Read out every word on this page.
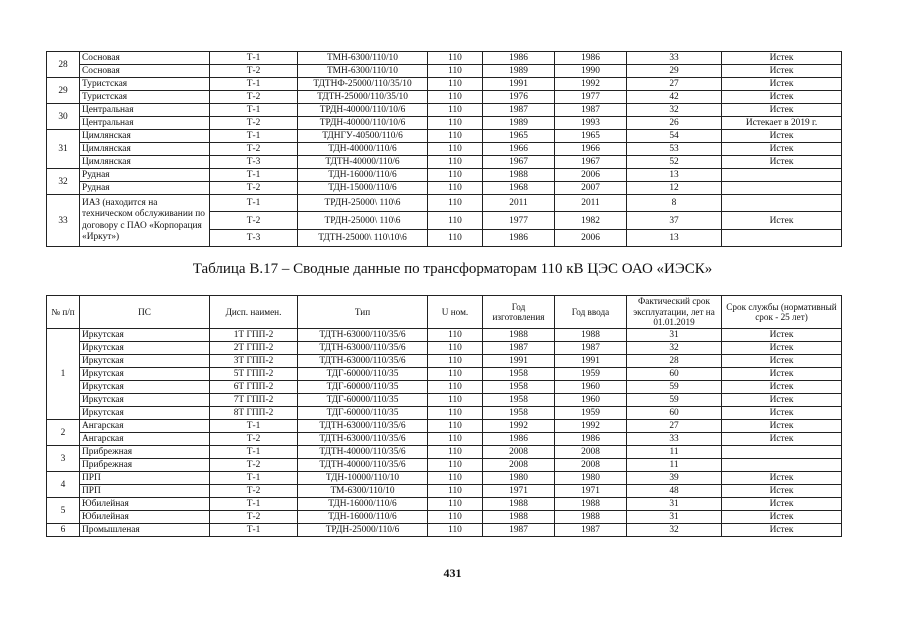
28	Сосновая	Т-1	ТМН-6300/110/10	110	1986	1986	33	Истек
	Сосновая	Т-2	ТМН-6300/110/10	110	1989	1990	29	Истек
29	Туристская	Т-1	ТДТНФ-25000/110/35/10	110	1991	1992	27	Истек
	Туристская	Т-2	ТДТН-25000/110/35/10	110	1976	1977	42	Истек
30	Центральная	Т-1	ТРДН-40000/110/10/6	110	1987	1987	32	Истек
	Центральная	Т-2	ТРДН-40000/110/10/6	110	1989	1993	26	Истекает в 2019 г.
31	Цимлянская	Т-1	ТДНГУ-40500/110/6	110	1965	1965	54	Истек
	Цимлянская	Т-2	ТДН-40000/110/6	110	1966	1966	53	Истек
	Цимлянская	Т-3	ТДТН-40000/110/6	110	1967	1967	52	Истек
32	Рудная	Т-1	ТДН-16000/110/6	110	1988	2006	13	
	Рудная	Т-2	ТДН-15000/110/6	110	1968	2007	12	
33	ИАЗ (находится на техническом обслуживании по договору с ПАО «Корпорация «Иркут»)	Т-1	ТРДН-25000\ 110\6	110	2011	2011	8	
		Т-2	ТРДН-25000\ 110\6	110	1977	1982	37	Истек
		Т-3	ТДТН-25000\ 110\10\6	110	1986	2006	13	
Таблица В.17 – Сводные данные по трансформаторам 110 кВ ЦЭС ОАО «ИЭСК»
№ п/п	ПС	Дисп. наимен.	Тип	U ном.	Год изготовления	Год ввода	Фактический срок эксплуатации, лет на 01.01.2019	Срок службы (нормативный срок - 25 лет)
1	Иркутская	1Т ГПП-2	ТДТН-63000/110/35/6	110	1988	1988	31	Истек
	Иркутская	2Т ГПП-2	ТДТН-63000/110/35/6	110	1987	1987	32	Истек
	Иркутская	3Т ГПП-2	ТДТН-63000/110/35/6	110	1991	1991	28	Истек
	Иркутская	5Т ГПП-2	ТДГ-60000/110/35	110	1958	1959	60	Истек
	Иркутская	6Т ГПП-2	ТДГ-60000/110/35	110	1958	1960	59	Истек
	Иркутская	7Т ГПП-2	ТДГ-60000/110/35	110	1958	1960	59	Истек
	Иркутская	8Т ГПП-2	ТДГ-60000/110/35	110	1958	1959	60	Истек
2	Ангарская	Т-1	ТДТН-63000/110/35/6	110	1992	1992	27	Истек
	Ангарская	Т-2	ТДТН-63000/110/35/6	110	1986	1986	33	Истек
3	Прибрежная	Т-1	ТДТН-40000/110/35/6	110	2008	2008	11	
	Прибрежная	Т-2	ТДТН-40000/110/35/6	110	2008	2008	11	
4	ПРП	Т-1	ТДН-10000/110/10	110	1980	1980	39	Истек
	ПРП	Т-2	ТМ-6300/110/10	110	1971	1971	48	Истек
5	Юбилейная	Т-1	ТДН-16000/110/6	110	1988	1988	31	Истек
	Юбилейная	Т-2	ТДН-16000/110/6	110	1988	1988	31	Истек
6	Промышленая	Т-1	ТРДН-25000/110/6	110	1987	1987	32	Истек
431
